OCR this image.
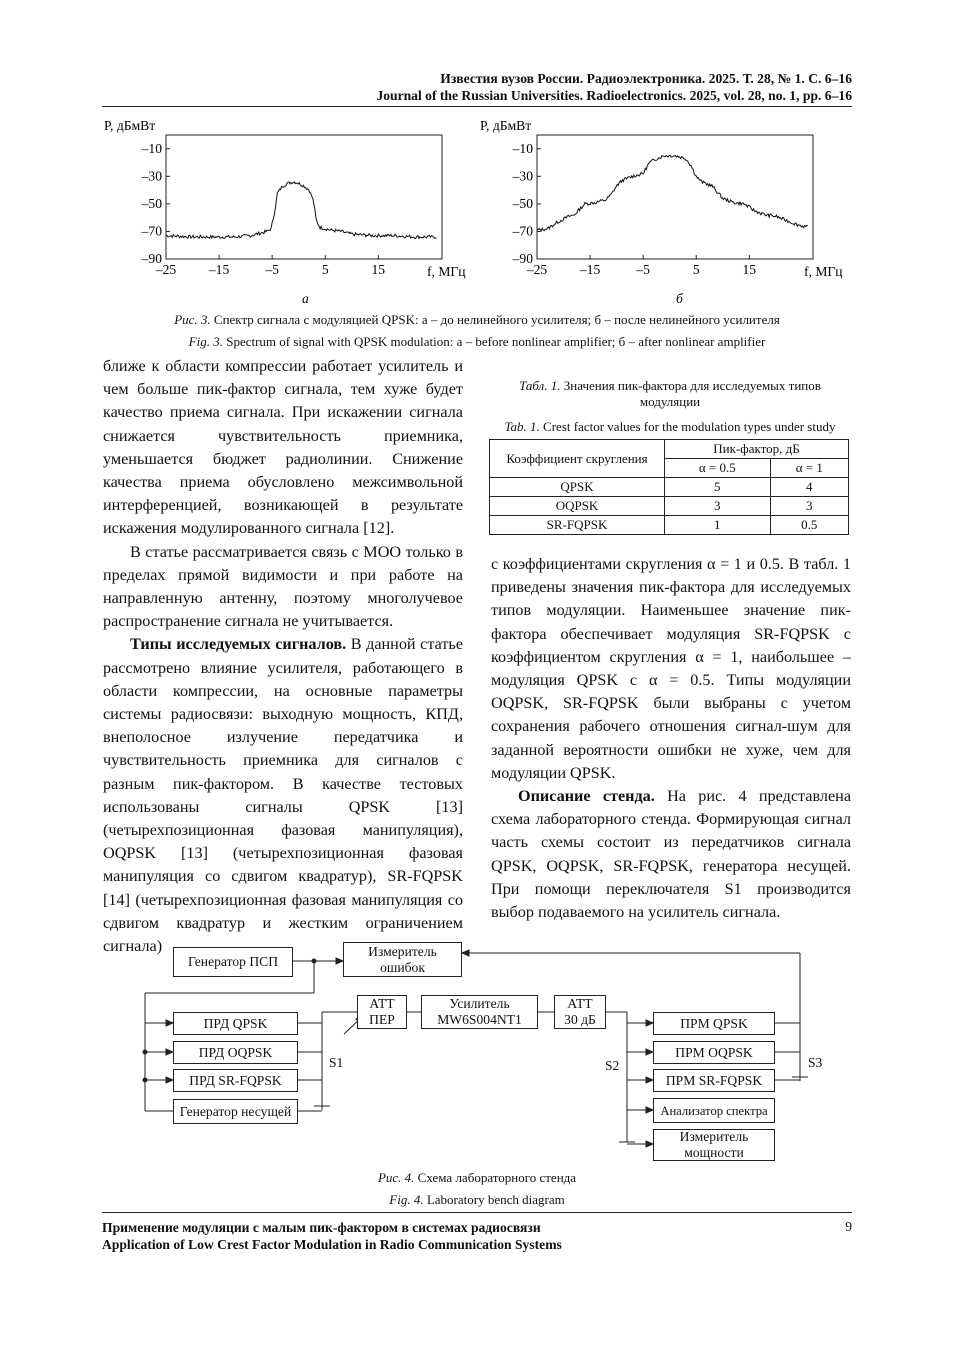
Известия вузов России. Радиоэлектроника. 2025. Т. 28, № 1. С. 6–16
Journal of the Russian Universities. Radioelectronics. 2025, vol. 28, no. 1, pp. 6–16
–10
–30
–50
–70
–90
–25 –15	–5	5	15
–10
–30
–50
–70
–90
–25 –15	–5	5	15
P, дБмВт	P, дБмВт
f, МГц	f, МГц
а	б
Рис. 3. Спектр сигнала с модуляцией QPSK: а – до нелинейного усилителя; б – после нелинейного усилителя
Fig. 3. Spectrum of signal with QPSK modulation: a – before nonlinear amplifier; б – after nonlinear amplifier

ближе к области компрессии работает усилитель и чем больше пик-фактор сигнала, тем хуже будет качество приема сигнала. При искажении сигнала снижается чувствительность приемника, уменьшается бюджет радиолинии. Снижение качества приема обусловлено межсимвольной интерференцией, возникающей в результате искажения модулированного сигнала [12].

В статье рассматривается связь с МОО только в пределах прямой видимости и при работе на направленную антенну, поэтому многолучевое распространение сигнала не учитывается.

Типы исследуемых сигналов. В данной статье рассмотрено влияние усилителя, работающего в области компрессии, на основные параметры системы радиосвязи: выходную мощность, КПД, внеполосное излучение передатчика и чувствительность приемника для сигналов с разным пик-фактором. В качестве тестовых использованы сигналы QPSK [13] (четырехпозиционная фазовая манипуляция), OQPSK [13] (четырехпозиционная фазовая манипуляция со сдвигом квадратур), SR-FQPSK [14] (четырехпозиционная фазовая манипуляция со сдвигом квадратур и жестким ограничением сигнала)

Табл. 1. Значения пик-фактора для исследуемых типов модуляции
Tab. 1. Crest factor values for the modulation types under study
Коэффициент скругления	Пик-фактор, дБ	
	α = 0.5	α = 1
QPSK	5	4
OQPSK	3	3
SR-FQPSK	1	0.5

с коэффициентами скругления α = 1 и 0.5. В табл. 1 приведены значения пик-фактора для исследуемых типов модуляции. Наименьшее значение пик-фактора обеспечивает модуляция SR-FQPSK с коэффициентом скругления α = 1, наибольшее – модуляция QPSK с α = 0.5. Типы модуляции OQPSK, SR-FQPSK были выбраны с учетом сохранения рабочего отношения сигнал-шум для заданной вероятности ошибки не хуже, чем для модуляции QPSK.

Описание стенда. На рис. 4 представлена схема лабораторного стенда. Формирующая сигнал часть схемы состоит из передатчиков сигнала QPSK, OQPSK, SR-FQPSK, генератора несущей. При помощи переключателя S1 производится выбор подаваемого на усилитель сигнала.

Генератор ПСП
Измеритель
ошибок
ПРД QPSK
ПРД OQPSK
ПРД SR-FQPSK
Генератор несущей
АТТ
ПЕР
Усилитель
MW6S004NT1
АТТ
30 дБ	ПРМ QPSK
ПРМ OQPSK
ПРМ SR-FQPSK
Анализатор спектра
Измеритель
мощности
S1	S2	S3
Рис. 4. Схема лабораторного стенда
Fig. 4. Laboratory bench diagram
Применение модуляции с малым пик-фактором в системах радиосвязи
Application of Low Crest Factor Modulation in Radio Communication Systems
9
